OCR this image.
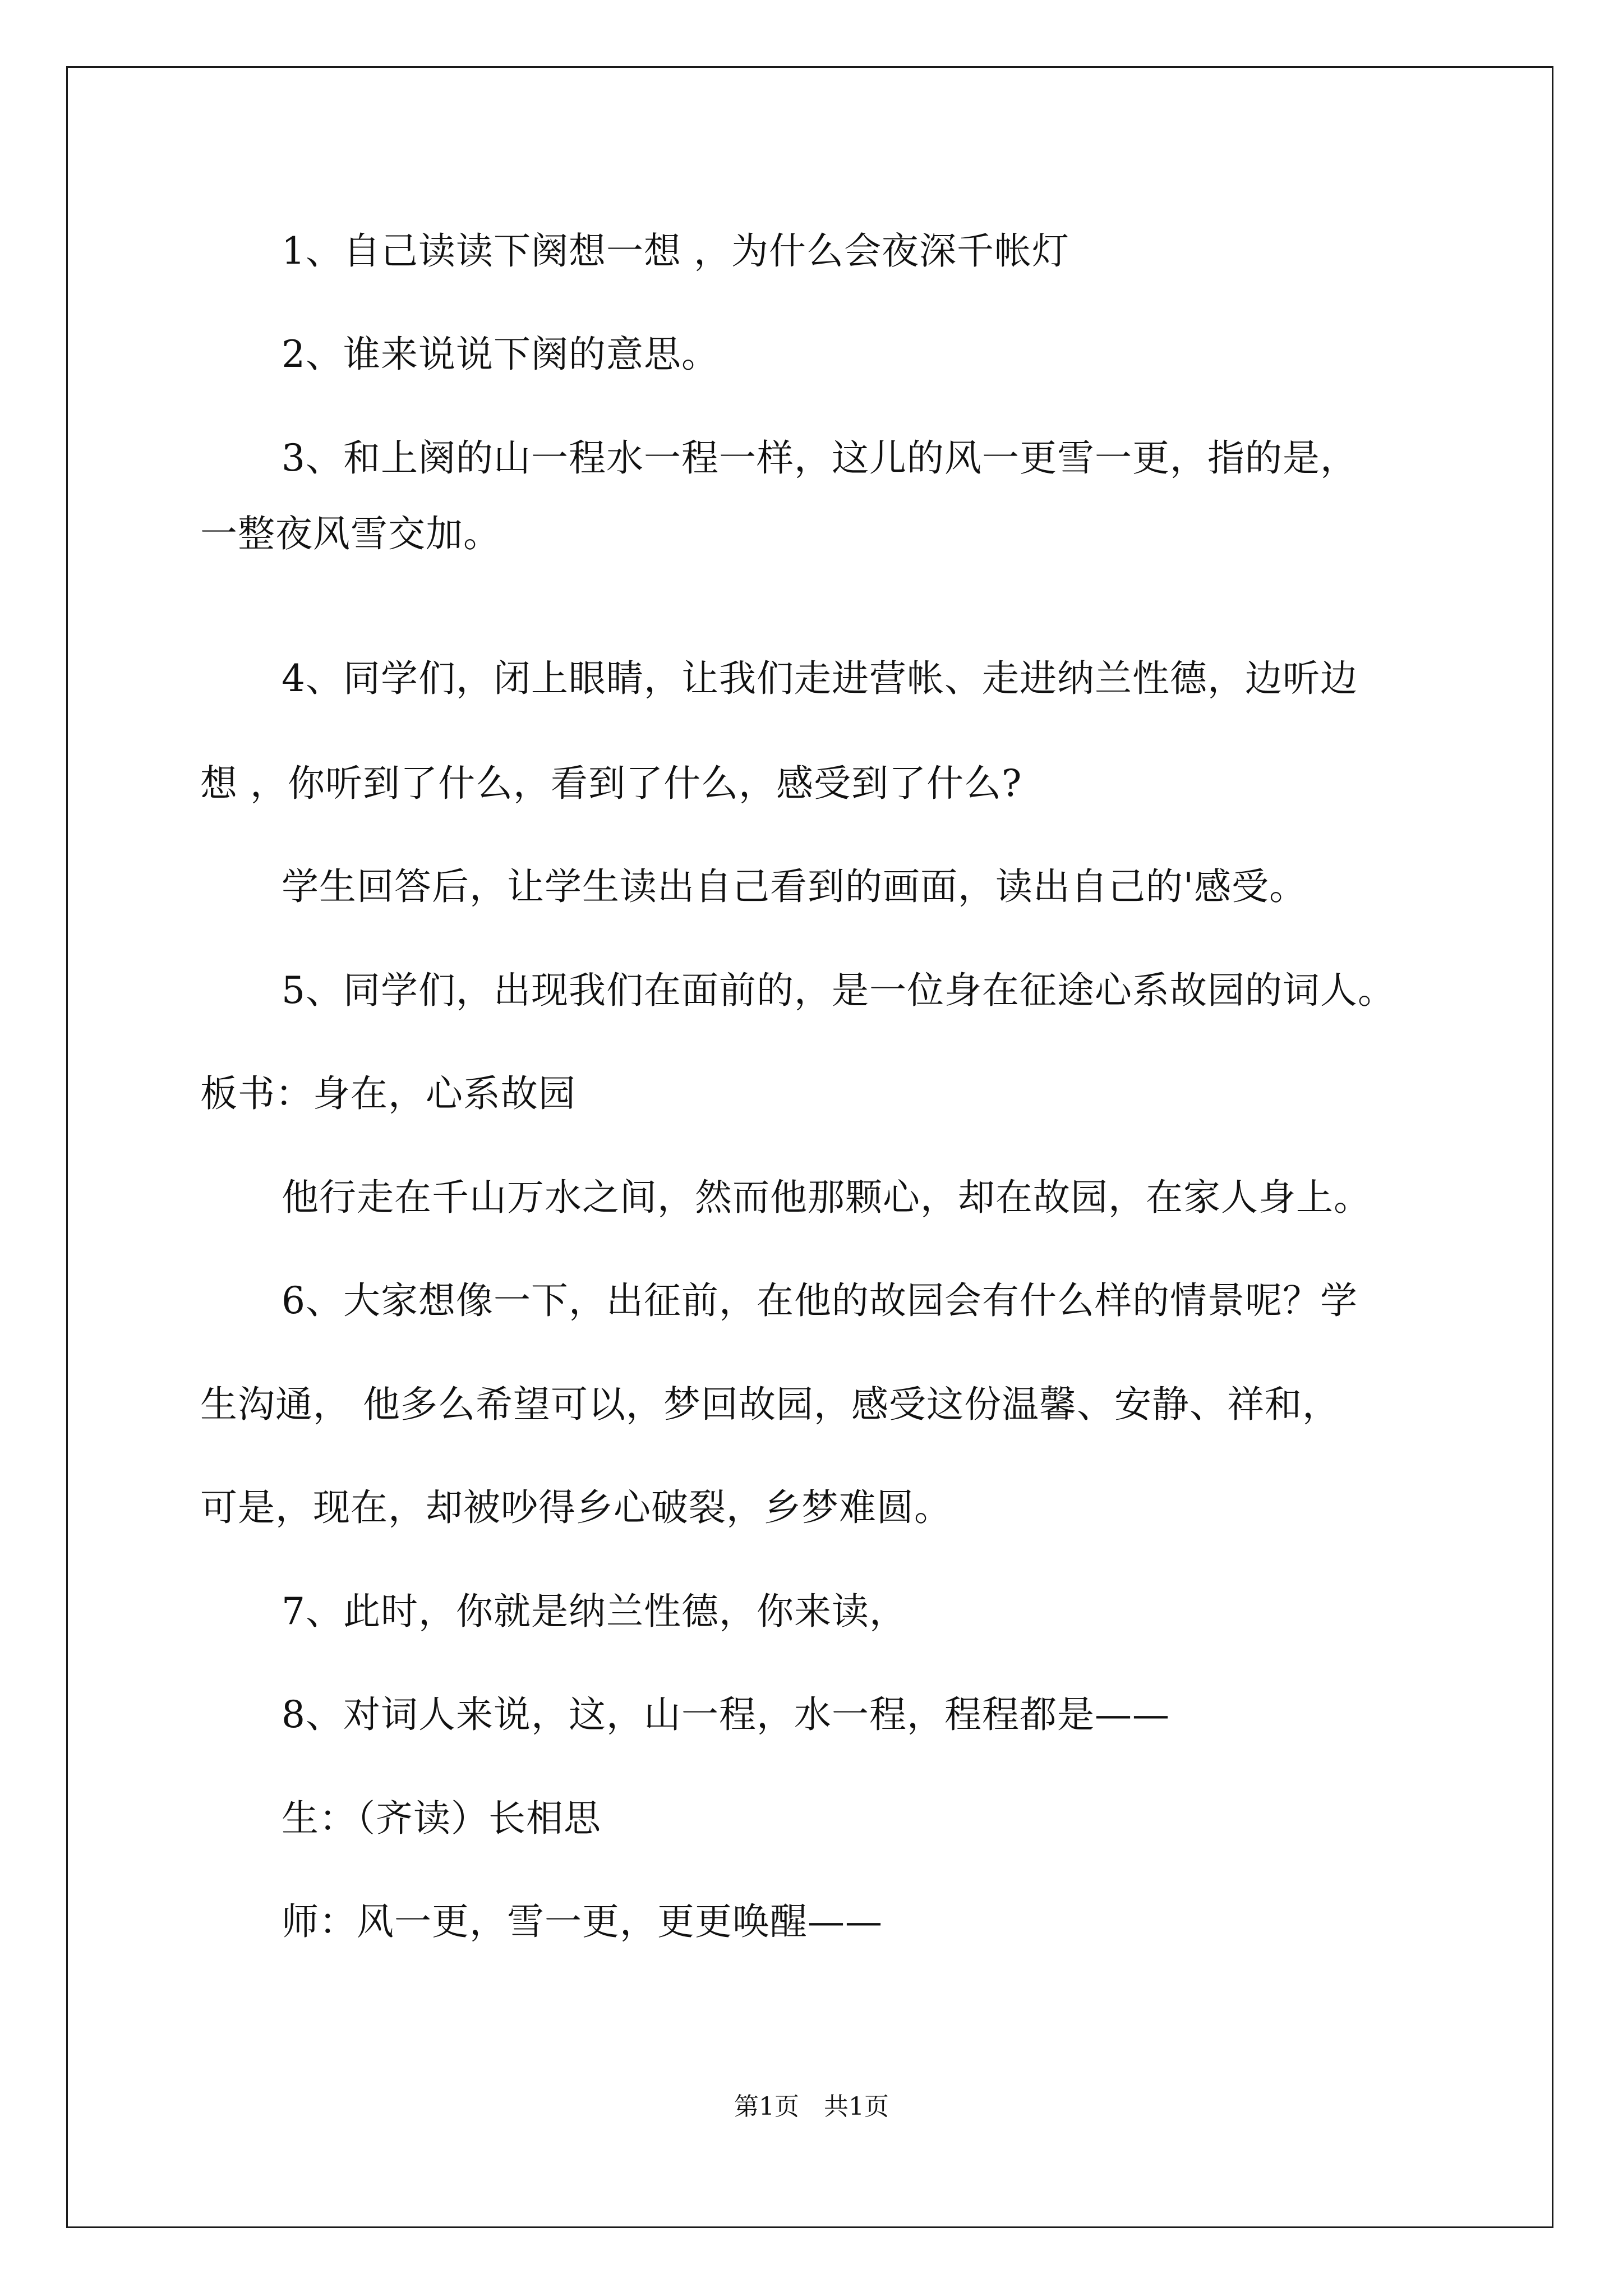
1、自己读读下阕想一想 ，为什么会夜深千帐灯
2、谁来说说下阕的意思。
3、和上阕的山一程水一程一样，这儿的风一更雪一更，指的是，
一整夜风雪交加。
4、同学们，闭上眼睛，让我们走进营帐、走进纳兰性德，边听边
想 ，你听到了什么，看到了什么，感受到了什么?
学生回答后，让学生读出自己看到的画面，读出自己的'感受。
5、同学们，出现我们在面前的，是一位身在征途心系故园的词人。
板书：身在，心系故园
他行走在千山万水之间，然而他那颗心，却在故园，在家人身上。
6、大家想像一下，出征前，在他的故园会有什么样的情景呢？学
生沟通， 他多么希望可以，梦回故园，感受这份温馨、安静、祥和，
可是，现在，却被吵得乡心破裂，乡梦难圆。
7、此时，你就是纳兰性德，你来读，
8、对词人来说，这，山一程，水一程，程程都是——
生：（齐读）长相思
师：风一更，雪一更，更更唤醒——
第1页　共1页
